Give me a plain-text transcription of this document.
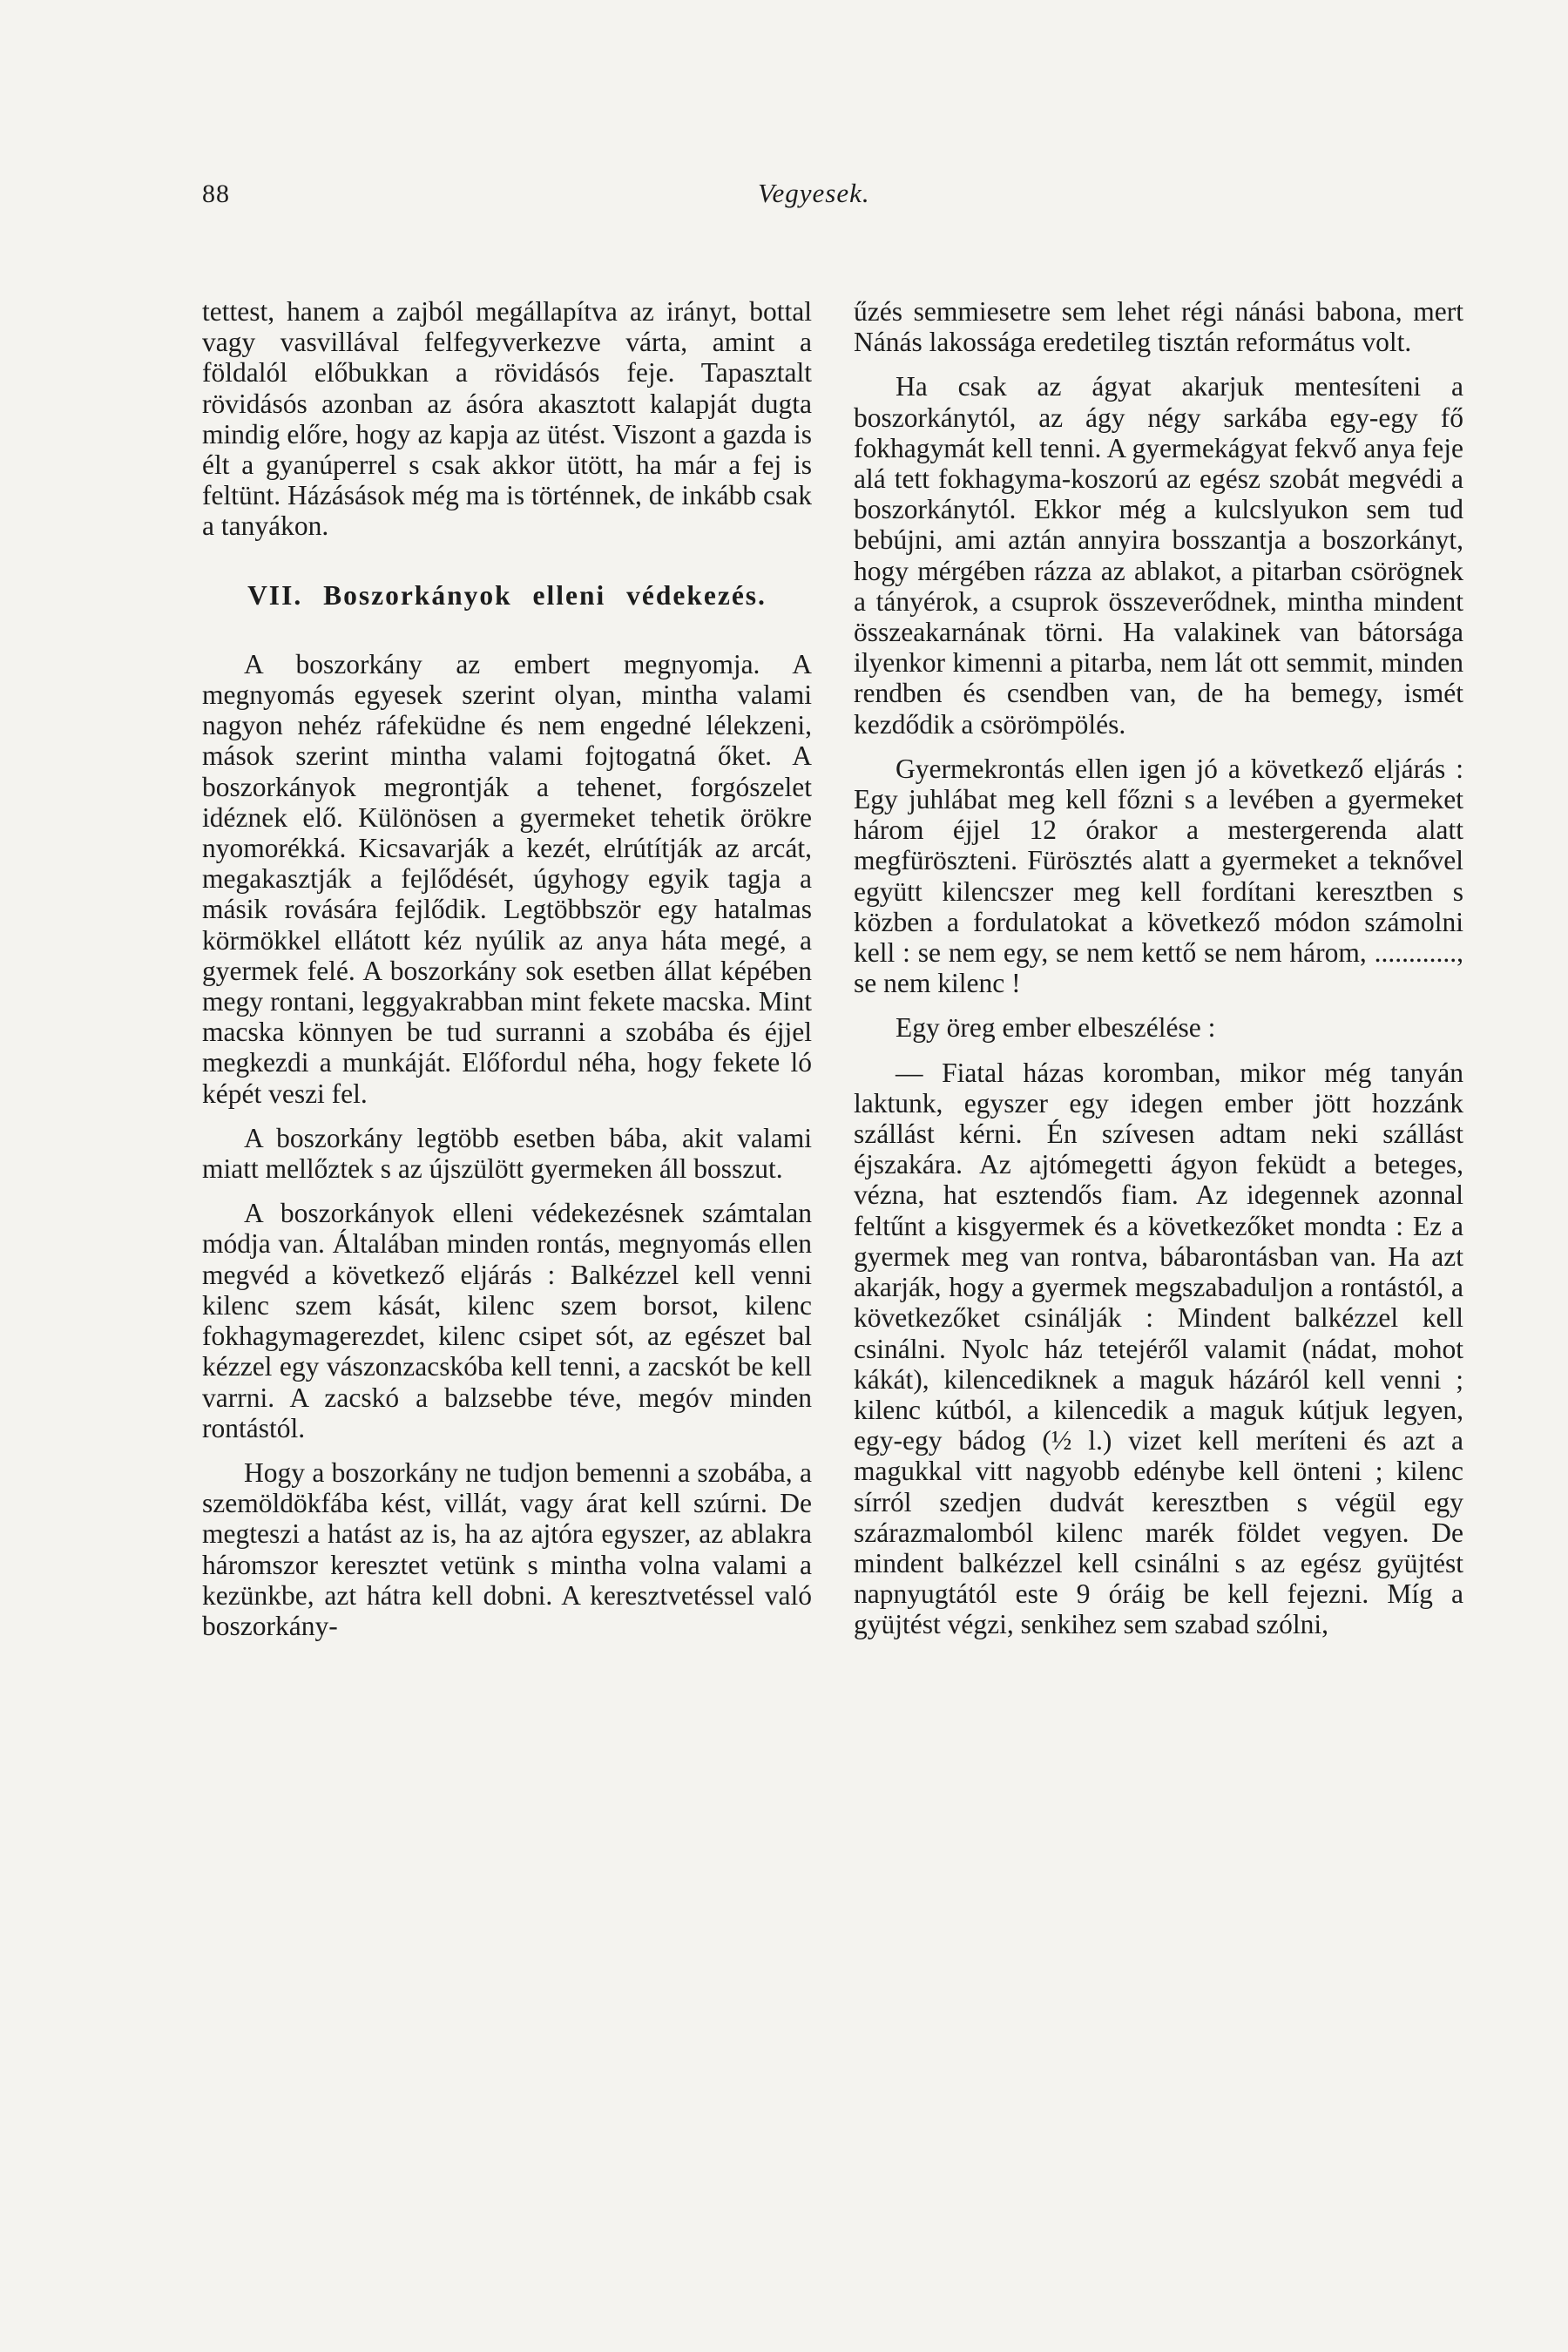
88	Vegyesek.

tettest, hanem a zajból megállapítva az irányt, bottal vagy vasvillával felfegyverkezve várta, amint a földalól előbukkan a rövidásós feje. Tapasztalt rövidásós azonban az ásóra akasztott kalapját dugta mindig előre, hogy az kapja az ütést. Viszont a gazda is élt a gyanúperrel s csak akkor ütött, ha már a fej is feltünt. Házásások még ma is történnek, de inkább csak a tanyákon.

VII. Boszorkányok elleni védekezés.

A boszorkány az embert megnyomja. A megnyomás egyesek szerint olyan, mintha valami nagyon nehéz ráfeküdne és nem engedné lélekzeni, mások szerint mintha valami fojtogatná őket. A boszorkányok megrontják a tehenet, forgószelet idéznek elő. Különösen a gyermeket tehetik örökre nyomorékká. Kicsavarják a kezét, elrútítják az arcát, megakasztják a fejlődését, úgyhogy egyik tagja a másik rovására fejlődik. Legtöbbször egy hatalmas körmökkel ellátott kéz nyúlik az anya háta megé, a gyermek felé. A boszorkány sok esetben állat képében megy rontani, leggyakrabban mint fekete macska. Mint macska könnyen be tud surranni a szobába és éjjel megkezdi a munkáját. Előfordul néha, hogy fekete ló képét veszi fel.

A boszorkány legtöbb esetben bába, akit valami miatt mellőztek s az újszülött gyermeken áll bosszut.

A boszorkányok elleni védekezésnek számtalan módja van. Általában minden rontás, megnyomás ellen megvéd a következő eljárás : Balkézzel kell venni kilenc szem kását, kilenc szem borsot, kilenc fokhagymagerezdet, kilenc csipet sót, az egészet bal kézzel egy vászonzacskóba kell tenni, a zacskót be kell varrni. A zacskó a balzsebbe téve, megóv minden rontástól.

Hogy a boszorkány ne tudjon bemenni a szobába, a szemöldökfába kést, villát, vagy árat kell szúrni. De megteszi a hatást az is, ha az ajtóra egyszer, az ablakra háromszor keresztet vetünk s mintha volna valami a kezünkbe, azt hátra kell dobni. A keresztvetéssel való boszorkány-

űzés semmiesetre sem lehet régi nánási babona, mert Nánás lakossága eredetileg tisztán református volt.

Ha csak az ágyat akarjuk mentesíteni a boszorkánytól, az ágy négy sarkába egy-egy fő fokhagymát kell tenni. A gyermekágyat fekvő anya feje alá tett fokhagyma-koszorú az egész szobát megvédi a boszorkánytól. Ekkor még a kulcslyukon sem tud bebújni, ami aztán annyira bosszantja a boszorkányt, hogy mérgében rázza az ablakot, a pitarban csörögnek a tányérok, a csuprok összeverődnek, mintha mindent összeakarnának törni. Ha valakinek van bátorsága ilyenkor kimenni a pitarba, nem lát ott semmit, minden rendben és csendben van, de ha bemegy, ismét kezdődik a csörömpölés.

Gyermekrontás ellen igen jó a következő eljárás : Egy juhlábat meg kell főzni s a levében a gyermeket három éjjel 12 órakor a mestergerenda alatt megfüröszteni. Fürösztés alatt a gyermeket a teknővel együtt kilencszer meg kell fordítani keresztben s közben a fordulatokat a következő módon számolni kell : se nem egy, se nem kettő se nem három, ............, se nem kilenc !

Egy öreg ember elbeszélése :

— Fiatal házas koromban, mikor még tanyán laktunk, egyszer egy idegen ember jött hozzánk szállást kérni. Én szívesen adtam neki szállást éjszakára. Az ajtómegetti ágyon feküdt a beteges, vézna, hat esztendős fiam. Az idegennek azonnal feltűnt a kisgyermek és a következőket mondta : Ez a gyermek meg van rontva, bábarontásban van. Ha azt akarják, hogy a gyermek megszabaduljon a rontástól, a következőket csinálják : Mindent balkézzel kell csinálni. Nyolc ház tetejéről valamit (nádat, mohot kákát), kilencediknek a maguk házáról kell venni ; kilenc kútból, a kilencedik a maguk kútjuk legyen, egy-egy bádog (½ l.) vizet kell meríteni és azt a magukkal vitt nagyobb edénybe kell önteni ; kilenc sírról szedjen dudvát keresztben s végül egy szárazmalomból kilenc marék földet vegyen. De mindent balkézzel kell csinálni s az egész gyüjtést napnyugtától este 9 óráig be kell fejezni. Míg a gyüjtést végzi, senkihez sem szabad szólni,
